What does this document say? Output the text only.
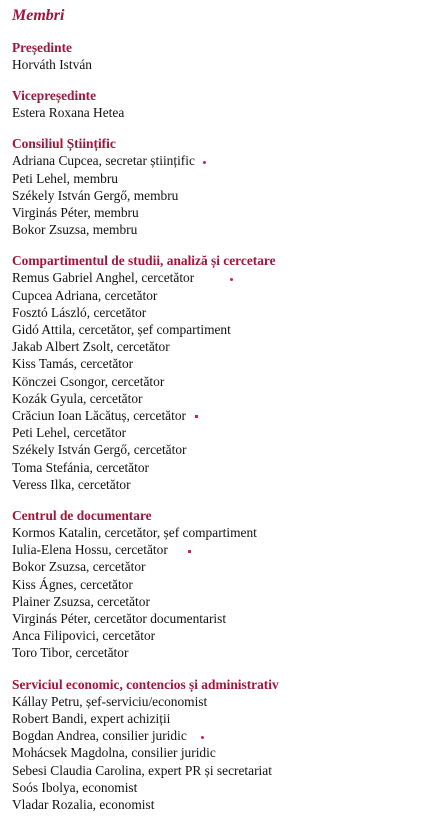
Membri
Președinte
Horváth István
Vicepreședinte
Estera Roxana Hetea
Consiliul Științific
Adriana Cupcea, secretar științific
Peti Lehel, membru
Székely István Gergő, membru
Virginás Péter, membru
Bokor Zsuzsa, membru
Compartimentul de studii, analiză și cercetare
Remus Gabriel Anghel, cercetător
Cupcea Adriana, cercetător
Fosztó László, cercetător
Gidó Attila, cercetător, șef compartiment
Jakab Albert Zsolt, cercetător
Kiss Tamás, cercetător
Könczei Csongor, cercetător
Kozák Gyula, cercetător
Crăciun Ioan Lăcătuș, cercetător
Peti Lehel, cercetător
Székely István Gergő, cercetător
Toma Stefánia, cercetător
Veress Ilka, cercetător
Centrul de documentare
Kormos Katalin, cercetător, șef compartiment
Iulia-Elena Hossu, cercetător
Bokor Zsuzsa, cercetător
Kiss Ágnes, cercetător
Plainer Zsuzsa, cercetător
Virginás Péter, cercetător documentarist
Anca Filipovici, cercetător
Toro Tibor, cercetător
Serviciul economic, contencios și administrativ
Kállay Petru, șef-serviciu/economist
Robert Bandi, expert achiziții
Bogdan Andrea, consilier juridic
Mohácsek Magdolna, consilier juridic
Sebesi Claudia Carolina, expert PR și secretariat
Soós Ibolya, economist
Vladar Rozalia, economist
